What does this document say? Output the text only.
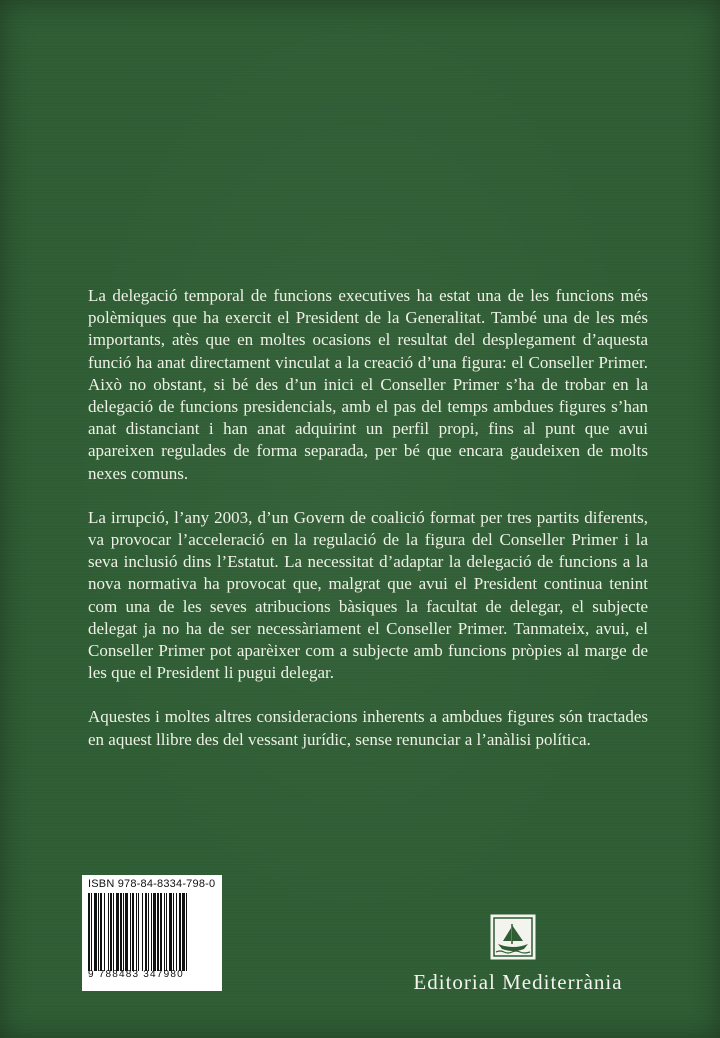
La delegació temporal de funcions executives ha estat una de les funcions més polèmiques que ha exercit el President de la Generalitat. També una de les més importants, atès que en moltes ocasions el resultat del desplegament d’aquesta funció ha anat directament vinculat a la creació d’una figura: el Conseller Primer. Això no obstant, si bé des d’un inici el Conseller Primer s’ha de trobar en la delegació de funcions presidencials, amb el pas del temps ambdues figures s’han anat distanciant i han anat adquirint un perfil propi, fins al punt que avui apareixen regulades de forma separada, per bé que encara gaudeixen de molts nexes comuns.

La irrupció, l’any 2003, d’un Govern de coalició format per tres partits diferents, va provocar l’acceleració en la regulació de la figura del Conseller Primer i la seva inclusió dins l’Estatut. La necessitat d’adaptar la delegació de funcions a la nova normativa ha provocat que, malgrat que avui el President continua tenint com una de les seves atribucions bàsiques la facultat de delegar, el subjecte delegat ja no ha de ser necessàriament el Conseller Primer. Tanmateix, avui, el Conseller Primer pot aparèixer com a subjecte amb funcions pròpies al marge de les que el President li pugui delegar.

Aquestes i moltes altres consideracions inherents a ambdues figures són tractades en aquest llibre des del vessant jurídic, sense renunciar a l’anàlisi política.

ISBN 978-84-8334-798-0
9 788483 347980	Editorial Mediterrània
